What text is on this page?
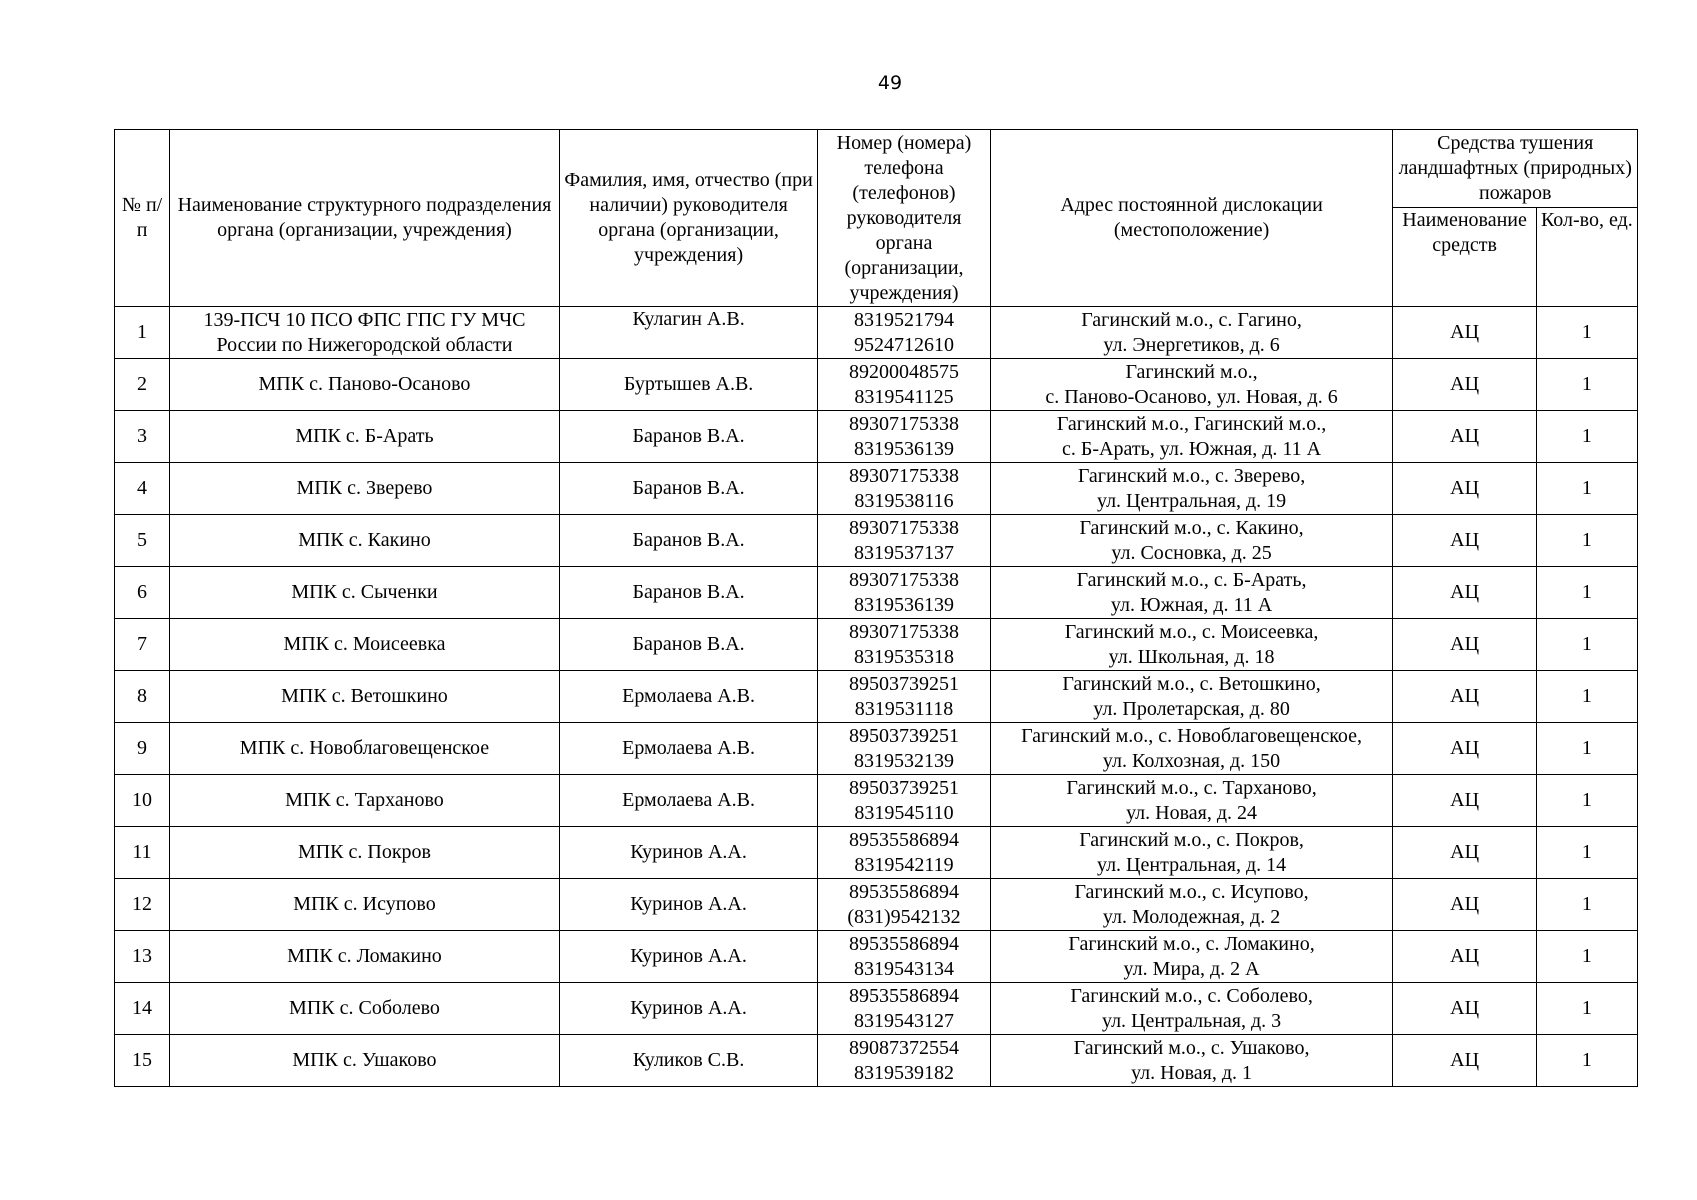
49
№ п/п	Наименование структурного подразделения органа (организации, учреждения)	Фамилия, имя, отчество (при наличии) руководителя органа (организации, учреждения)	Номер (номера) телефона (телефонов) руководителя органа (организации, учреждения)	Адрес постоянной дислокации (местоположение)	Средства тушения ландшафтных (природных) пожаров	
					Наименование средств	Кол-во, ед.
1	139-ПСЧ 10 ПСО ФПС ГПС ГУ МЧС России по Нижегородской области	Кулагин А.В.	8319521794
9524712610	Гагинский м.о., с. Гагино,
ул. Энергетиков, д. 6	АЦ	1
2	МПК с. Паново-Осаново	Буртышев А.В.	89200048575
8319541125	Гагинский м.о.,
с. Паново-Осаново, ул. Новая, д. 6	АЦ	1
3	МПК с. Б-Арать	Баранов В.А.	89307175338
8319536139	Гагинский м.о., Гагинский м.о.,
с. Б-Арать, ул. Южная, д. 11 А	АЦ	1
4	МПК с. Зверево	Баранов В.А.	89307175338
8319538116	Гагинский м.о., с. Зверево,
ул. Центральная, д. 19	АЦ	1
5	МПК с. Какино	Баранов В.А.	89307175338
8319537137	Гагинский м.о., с. Какино,
ул. Сосновка, д. 25	АЦ	1
6	МПК с. Сыченки	Баранов В.А.	89307175338
8319536139	Гагинский м.о., с. Б-Арать,
ул. Южная, д. 11 А	АЦ	1
7	МПК с. Моисеевка	Баранов В.А.	89307175338
8319535318	Гагинский м.о., с. Моисеевка,
ул. Школьная, д. 18	АЦ	1
8	МПК с. Ветошкино	Ермолаева А.В.	89503739251
8319531118	Гагинский м.о., с. Ветошкино,
ул. Пролетарская, д. 80	АЦ	1
9	МПК с. Новоблаговещенское	Ермолаева А.В.	89503739251
8319532139	Гагинский м.о., с. Новоблаговещенское,
ул. Колхозная, д. 150	АЦ	1
10	МПК с. Тарханово	Ермолаева А.В.	89503739251
8319545110	Гагинский м.о., с. Тарханово,
ул. Новая, д. 24	АЦ	1
11	МПК с. Покров	Куринов А.А.	89535586894
8319542119	Гагинский м.о., с. Покров,
ул. Центральная, д. 14	АЦ	1
12	МПК с. Исупово	Куринов А.А.	89535586894
(831)9542132	Гагинский м.о., с. Исупово,
ул. Молодежная, д. 2	АЦ	1
13	МПК с. Ломакино	Куринов А.А.	89535586894
8319543134	Гагинский м.о., с. Ломакино,
ул. Мира, д. 2 А	АЦ	1
14	МПК с. Соболево	Куринов А.А.	89535586894
8319543127	Гагинский м.о., с. Соболево,
ул. Центральная, д. 3	АЦ	1
15	МПК с. Ушаково	Куликов С.В.	89087372554
8319539182	Гагинский м.о., с. Ушаково,
ул. Новая, д. 1	АЦ	1
